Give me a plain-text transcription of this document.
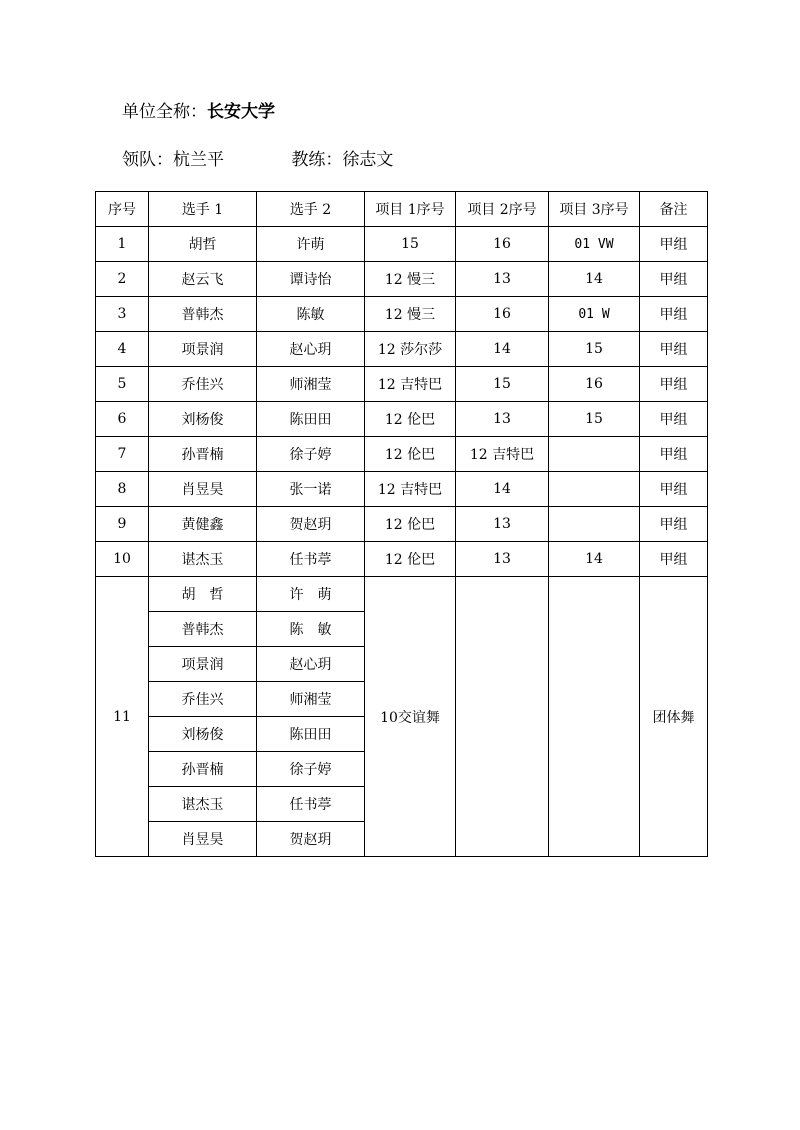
单位全称：长安大学
领队：杭兰平	教练：徐志文
序号	选手 1	选手 2	项目 1序号	项目 2序号	项目 3序号	备注
1	胡哲	许萌	15	16	01 VW	甲组
2	赵云飞	谭诗怡	12 慢三	13	14	甲组
3	普韩杰	陈敏	12 慢三	16	01 W	甲组
4	项景润	赵心玥	12 莎尔莎	14	15	甲组
5	乔佳兴	师湘莹	12 吉特巴	15	16	甲组
6	刘杨俊	陈田田	12 伦巴	13	15	甲组
7	孙晋楠	徐子婷	12 伦巴	12 吉特巴		甲组
8	肖昱昊	张一诺	12 吉特巴	14		甲组
9	黄健鑫	贺赵玥	12 伦巴	13		甲组
10	谌杰玉	任书葶	12 伦巴	13	14	甲组
11	胡　哲	许　萌	10交谊舞			团体舞
	普韩杰	陈　敏				
	项景润	赵心玥				
	乔佳兴	师湘莹				
	刘杨俊	陈田田				
	孙晋楠	徐子婷				
	谌杰玉	任书葶				
	肖昱昊	贺赵玥				
